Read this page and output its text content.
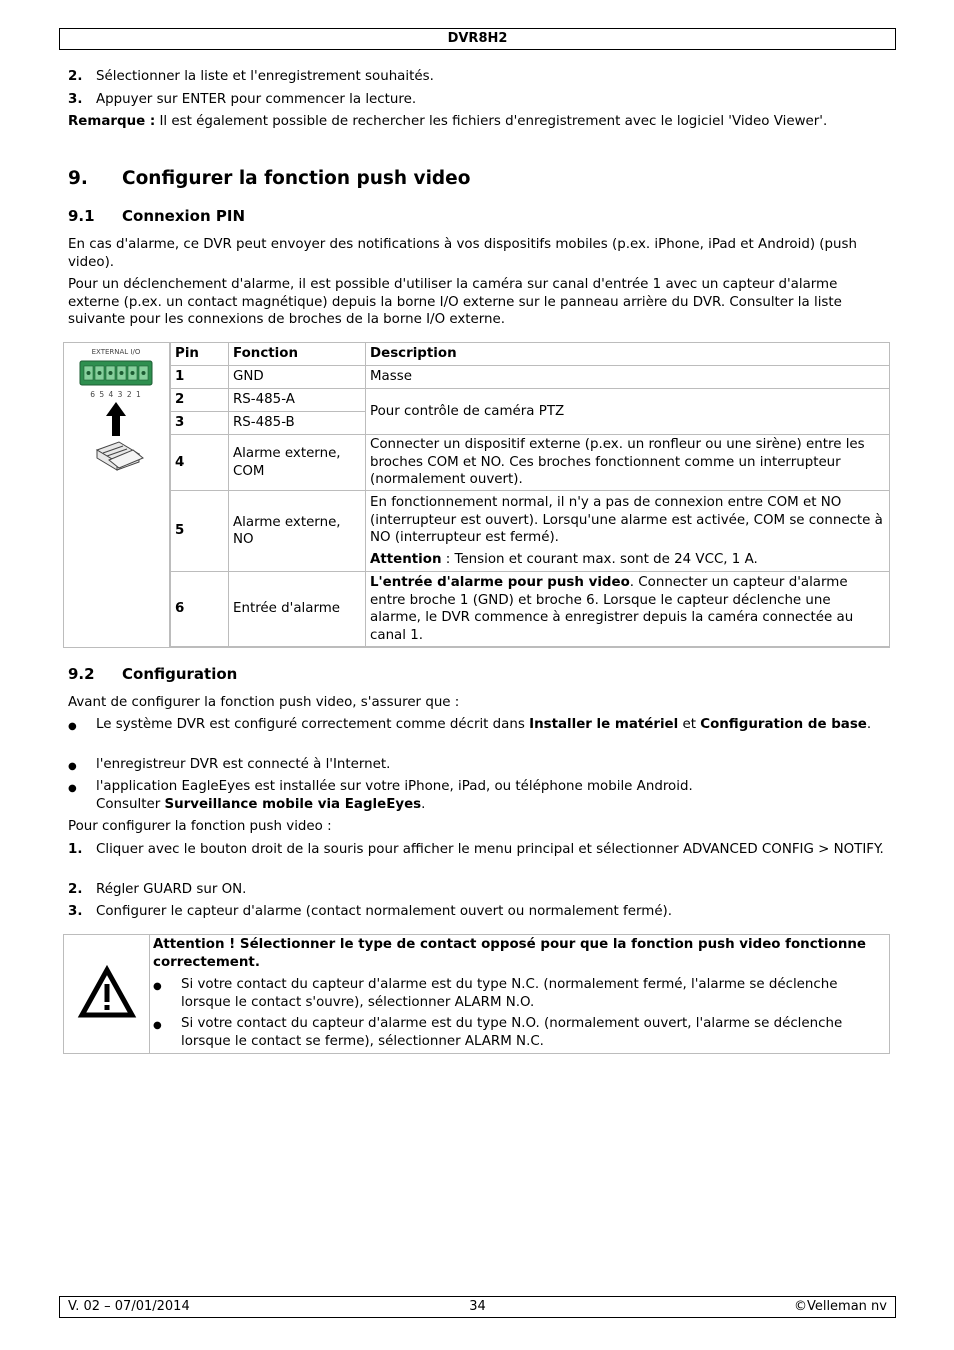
DVR8H2
2. Sélectionner la liste et l'enregistrement souhaités.
3. Appuyer sur ENTER pour commencer la lecture.
Remarque : Il est également possible de rechercher les fichiers d'enregistrement avec le logiciel 'Video Viewer'.
9. Configurer la fonction push video
9.1 Connexion PIN
En cas d'alarme, ce DVR peut envoyer des notifications à vos dispositifs mobiles (p.ex. iPhone, iPad et Android) (push video).
Pour un déclenchement d'alarme, il est possible d'utiliser la caméra sur canal d'entrée 1 avec un capteur d'alarme externe (p.ex. un contact magnétique) depuis la borne I/O externe sur le panneau arrière du DVR. Consulter la liste suivante pour les connexions de broches de la borne I/O externe.
EXTERNAL I/O
6 5 4 3 2 1
Pin	Fonction	Description
1	GND	Masse
2	RS-485-A	Pour contrôle de caméra PTZ
3	RS-485-B	
4	Alarme externe, COM	Connecter un dispositif externe (p.ex. un ronfleur ou une sirène) entre les broches COM et NO. Ces broches fonctionnent comme un interrupteur (normalement ouvert).
5	Alarme externe, NO	En fonctionnement normal, il n'y a pas de connexion entre COM et NO (interrupteur est ouvert). Lorsqu'une alarme est activée, COM se connecte à NO (interrupteur est fermé).
Attention : Tension et courant max. sont de 24 VCC, 1 A.

6	Entrée d'alarme	L'entrée d'alarme pour push video. Connecter un capteur d'alarme entre broche 1 (GND) et broche 6. Lorsque le capteur déclenche une alarme, le DVR commence à enregistrer depuis la caméra connectée au canal 1.
9.2 Configuration
Avant de configurer la fonction push video, s'assurer que :
● Le système DVR est configuré correctement comme décrit dans Installer le matériel et Configuration de base.
● l'enregistreur DVR est connecté à l'Internet.
● l'application EagleEyes est installée sur votre iPhone, iPad, ou téléphone mobile Android.
Consulter Surveillance mobile via EagleEyes.
Pour configurer la fonction push video :
1. Cliquer avec le bouton droit de la souris pour afficher le menu principal et sélectionner ADVANCED CONFIG > NOTIFY.
2. Régler GUARD sur ON.
3. Configurer le capteur d'alarme (contact normalement ouvert ou normalement fermé).
Attention ! Sélectionner le type de contact opposé pour que la fonction push video fonctionne correctement.
● Si votre contact du capteur d'alarme est du type N.C. (normalement fermé, l'alarme se déclenche lorsque le contact s'ouvre), sélectionner ALARM N.O.
● Si votre contact du capteur d'alarme est du type N.O. (normalement ouvert, l'alarme se déclenche lorsque le contact se ferme), sélectionner ALARM N.C.
V. 02 – 07/01/2014	34	©Velleman nv
